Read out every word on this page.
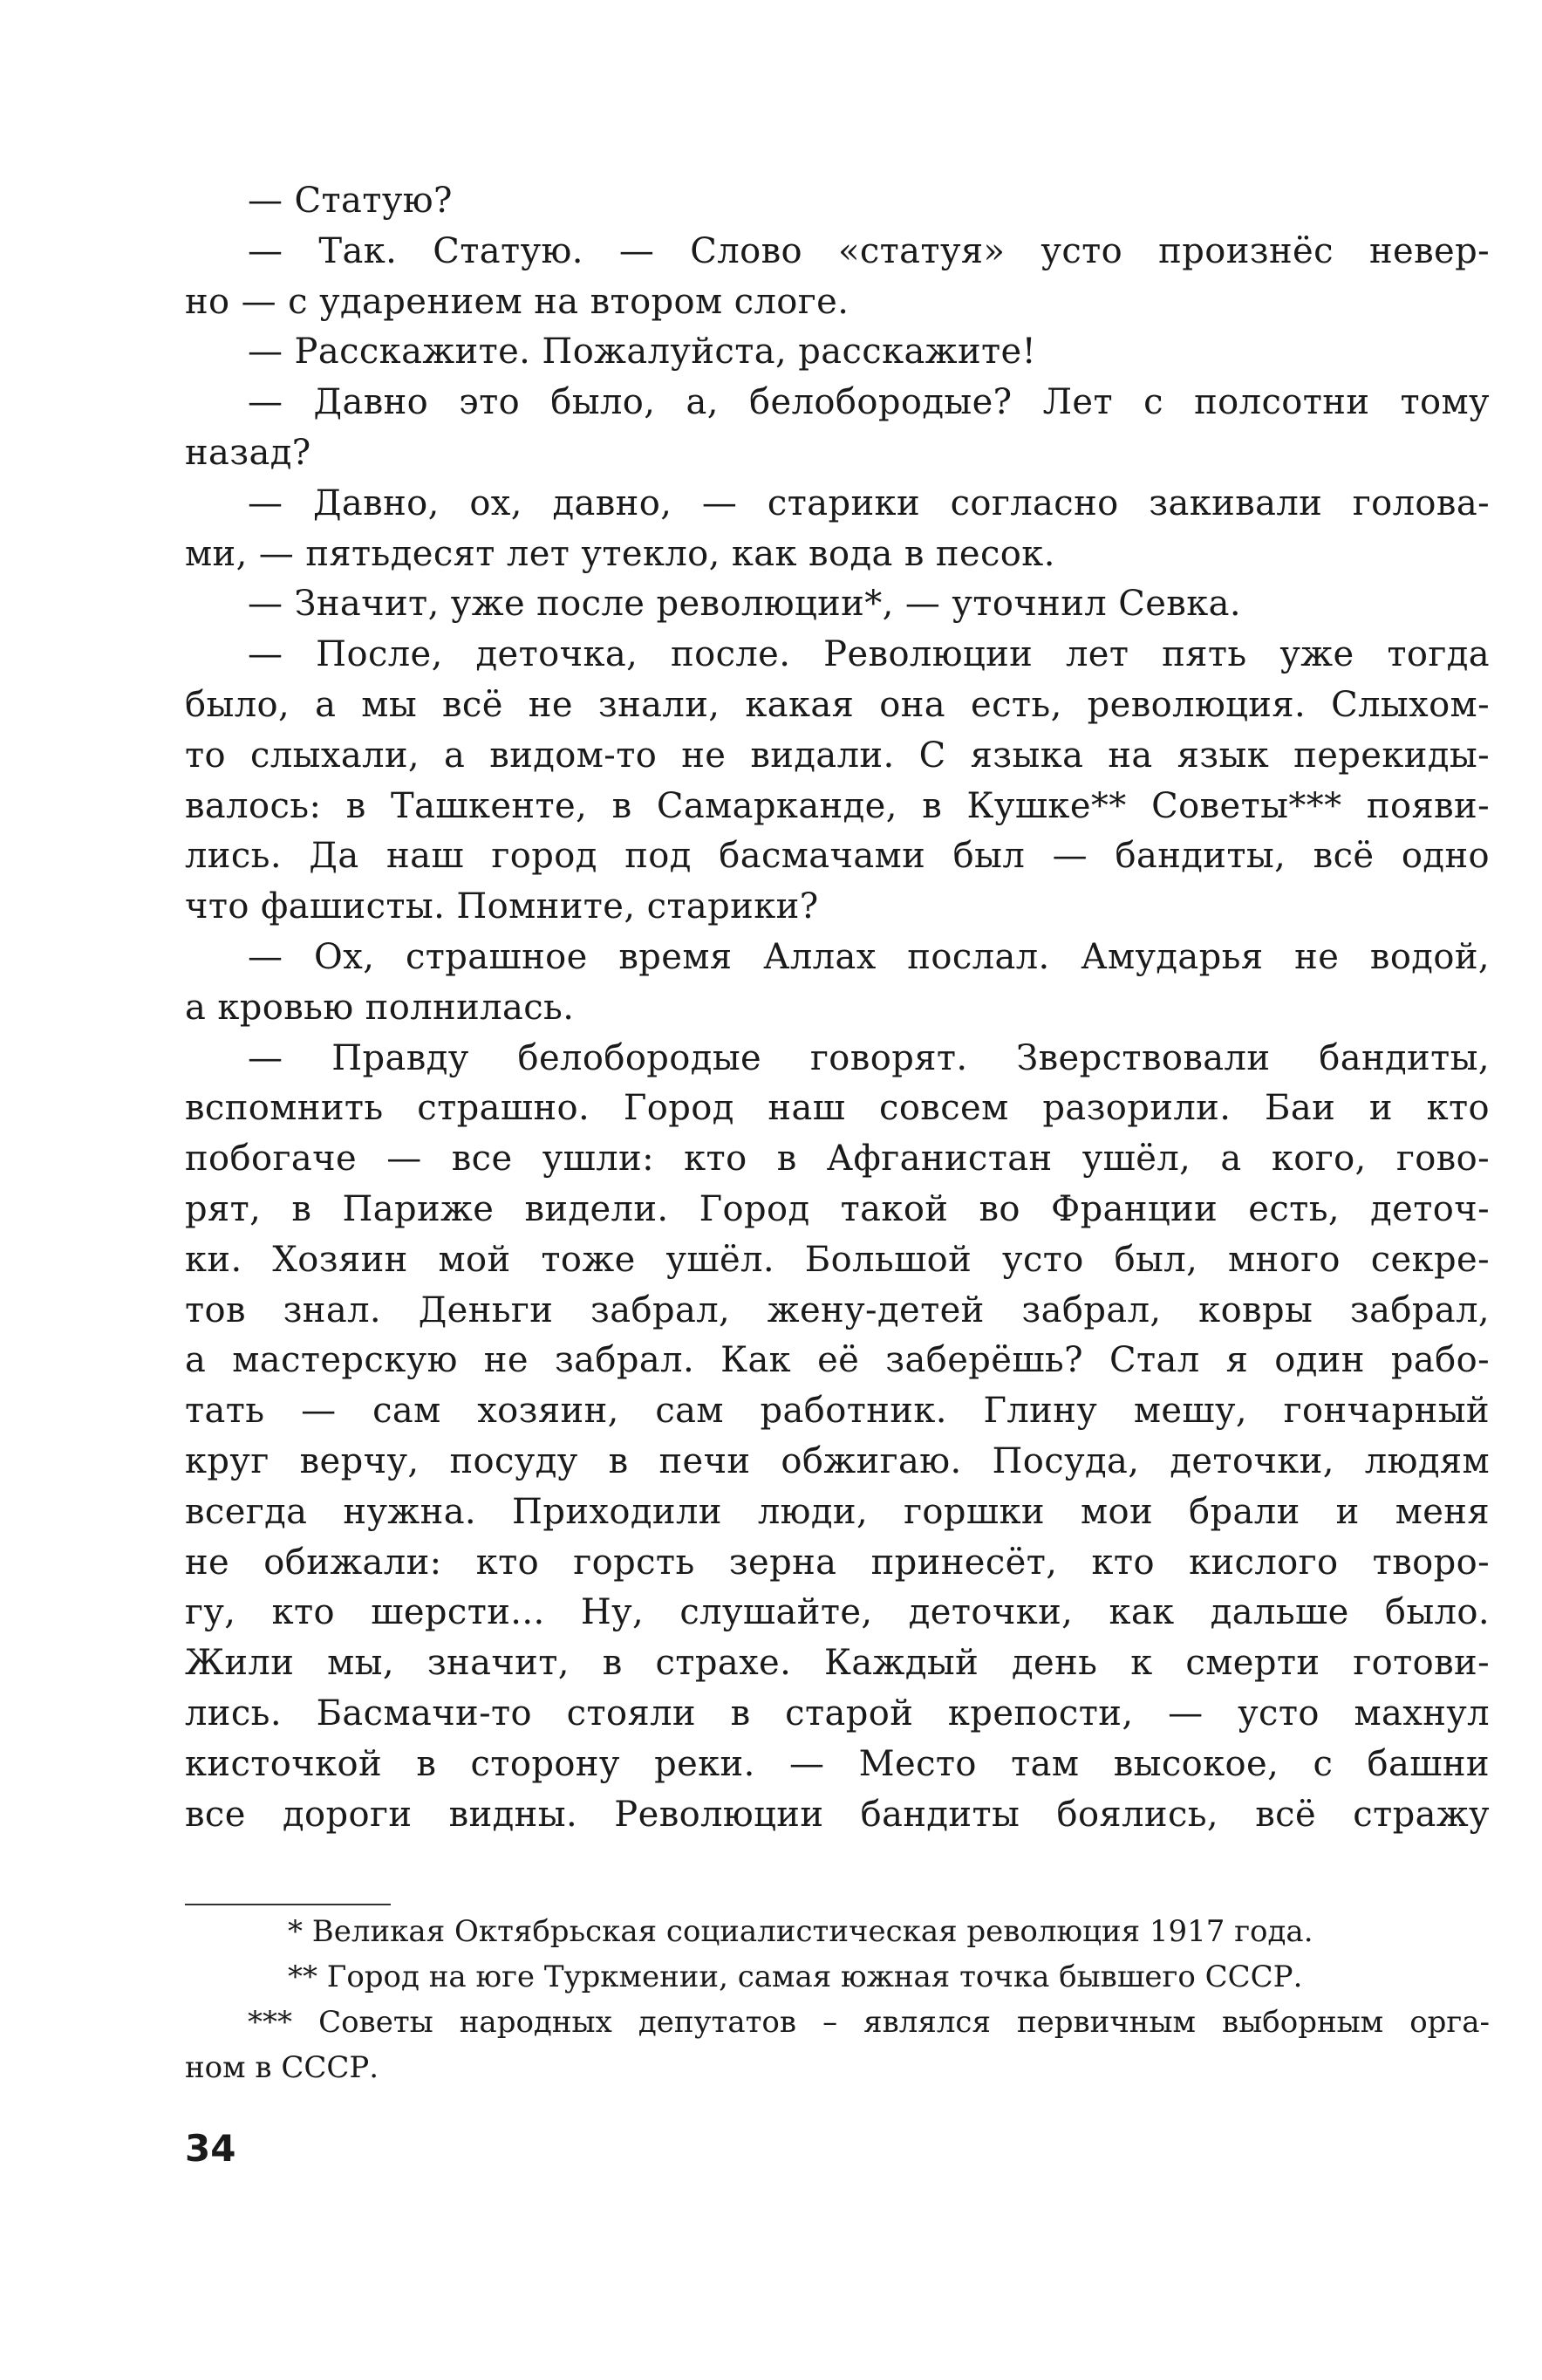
— Статую?
— Так. Статую. — Слово «статуя» усто произнёс невер-
но — с ударением на втором слоге.
— Расскажите. Пожалуйста, расскажите!
— Давно это было, а, белобородые? Лет с полсотни тому
назад?
— Давно, ох, давно, — старики согласно закивали голова-
ми, — пятьдесят лет утекло, как вода в песок.
— Значит, уже после революции*, — уточнил Севка.
— После, деточка, после. Революции лет пять уже тогда
было, а мы всё не знали, какая она есть, революция. Слыхом-
то слыхали, а видом-то не видали. С языка на язык перекиды-
валось: в Ташкенте, в Самарканде, в Кушке** Советы*** появи-
лись. Да наш город под басмачами был — бандиты, всё одно
что фашисты. Помните, старики?
— Ох, страшное время Аллах послал. Амударья не водой,
а кровью полнилась.
— Правду белобородые говорят. Зверствовали бандиты,
вспомнить страшно. Город наш совсем разорили. Баи и кто
побогаче — все ушли: кто в Афганистан ушёл, а кого, гово-
рят, в Париже видели. Город такой во Франции есть, деточ-
ки. Хозяин мой тоже ушёл. Большой усто был, много секре-
тов знал. Деньги забрал, жену-детей забрал, ковры забрал,
а мастерскую не забрал. Как её заберёшь? Стал я один рабо-
тать — сам хозяин, сам работник. Глину мешу, гончарный
круг верчу, посуду в печи обжигаю. Посуда, деточки, людям
всегда нужна. Приходили люди, горшки мои брали и меня
не обижали: кто горсть зерна принесёт, кто кислого творо-
гу, кто шерсти... Ну, слушайте, деточки, как дальше было.
Жили мы, значит, в страхе. Каждый день к смерти готови-
лись. Басмачи-то стояли в старой крепости, — усто махнул
кисточкой в сторону реки. — Место там высокое, с башни
все дороги видны. Революции бандиты боялись, всё стражу
* Великая Октябрьская социалистическая революция 1917 года.
** Город на юге Туркмении, самая южная точка бывшего СССР.
*** Советы народных депутатов – являлся первичным выборным орга-
ном в СССР.
34
